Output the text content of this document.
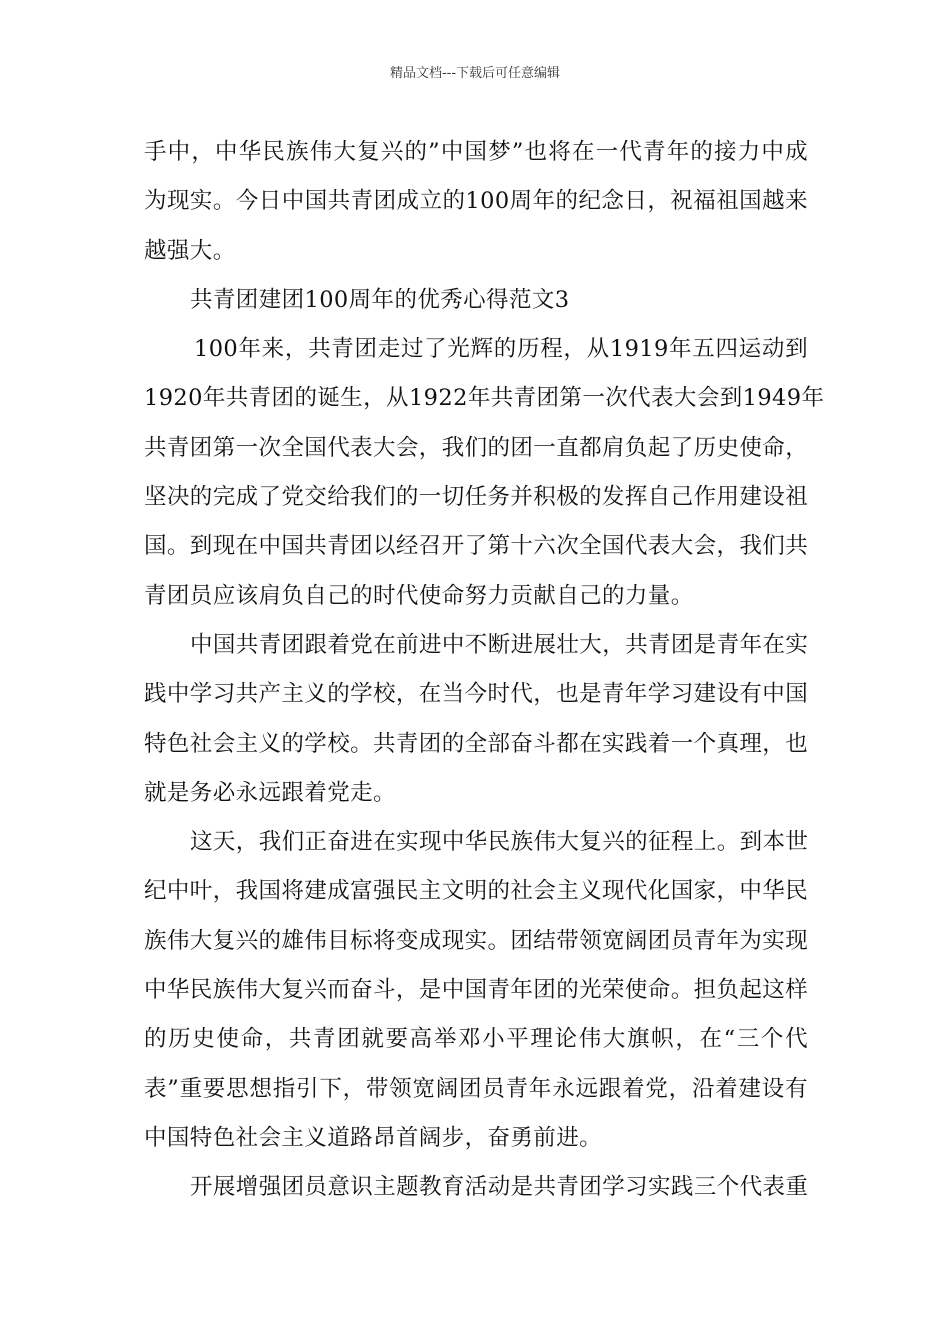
精品文档---下载后可任意编辑
手中，中华民族伟大复兴的”中国梦”也将在一代青年的接力中成
为现实。今日中国共青团成立的100周年的纪念日，祝福祖国越来
越强大。
共青团建团100周年的优秀心得范文3
100年来，共青团走过了光辉的历程，从1919年五四运动到
1920年共青团的诞生，从1922年共青团第一次代表大会到1949年
共青团第一次全国代表大会，我们的团一直都肩负起了历史使命，
坚决的完成了党交给我们的一切任务并积极的发挥自己作用建设祖
国。到现在中国共青团以经召开了第十六次全国代表大会，我们共
青团员应该肩负自己的时代使命努力贡献自己的力量。
中国共青团跟着党在前进中不断进展壮大，共青团是青年在实
践中学习共产主义的学校，在当今时代，也是青年学习建设有中国
特色社会主义的学校。共青团的全部奋斗都在实践着一个真理，也
就是务必永远跟着党走。
这天，我们正奋进在实现中华民族伟大复兴的征程上。到本世
纪中叶，我国将建成富强民主文明的社会主义现代化国家，中华民
族伟大复兴的雄伟目标将变成现实。团结带领宽阔团员青年为实现
中华民族伟大复兴而奋斗，是中国青年团的光荣使命。担负起这样
的历史使命，共青团就要高举邓小平理论伟大旗帜，在“三个代
表”重要思想指引下，带领宽阔团员青年永远跟着党，沿着建设有
中国特色社会主义道路昂首阔步，奋勇前进。
开展增强团员意识主题教育活动是共青团学习实践三个代表重
